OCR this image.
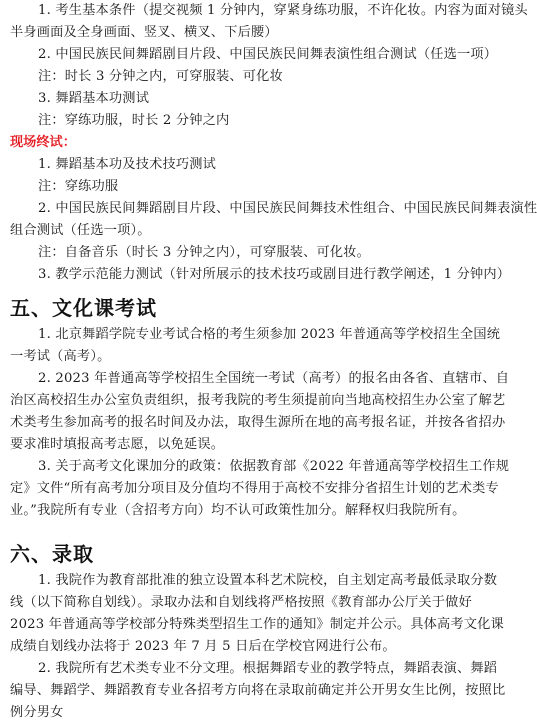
1. 考生基本条件（提交视频 1 分钟内，穿紧身练功服，不许化妆。内容为面对镜头
半身画面及全身画面、竖叉、横叉、下后腰）
2. 中国民族民间舞蹈剧目片段、中国民族民间舞表演性组合测试（任选一项）
注：时长 3 分钟之内，可穿服装、可化妆
3. 舞蹈基本功测试
注：穿练功服，时长 2 分钟之内
现场终试：
1. 舞蹈基本功及技术技巧测试
注：穿练功服
2. 中国民族民间舞蹈剧目片段、中国民族民间舞技术性组合、中国民族民间舞表演性
组合测试（任选一项）。
注：自备音乐（时长 3 分钟之内），可穿服装、可化妆。
3. 教学示范能力测试（针对所展示的技术技巧或剧目进行教学阐述，1 分钟内）
五、文化课考试
1. 北京舞蹈学院专业考试合格的考生须参加 2023 年普通高等学校招生全国统一考试（高考）。
2. 2023 年普通高等学校招生全国统一考试（高考）的报名由各省、直辖市、自治区高校招生办公室负责组织，报考我院的考生须提前向当地高校招生办公室了解艺术类考生参加高考的报名时间及办法，取得生源所在地的高考报名证，并按各省招办要求准时填报高考志愿，以免延误。
3. 关于高考文化课加分的政策：依据教育部《2022 年普通高等学校招生工作规定》文件“所有高考加分项目及分值均不得用于高校不安排分省招生计划的艺术类专业。”我院所有专业（含招考方向）均不认可政策性加分。解释权归我院所有。
六、录取
1. 我院作为教育部批准的独立设置本科艺术院校，自主划定高考最低录取分数线（以下简称自划线）。录取办法和自划线将严格按照《教育部办公厅关于做好 2023 年普通高等学校部分特殊类型招生工作的通知》制定并公示。具体高考文化课成绩自划线办法将于 2023 年 7 月 5 日后在学校官网进行公布。
2. 我院所有艺术类专业不分文理。根据舞蹈专业的教学特点，舞蹈表演、舞蹈编导、舞蹈学、舞蹈教育专业各招考方向将在录取前确定并公开男女生比例，按照比例分男女
